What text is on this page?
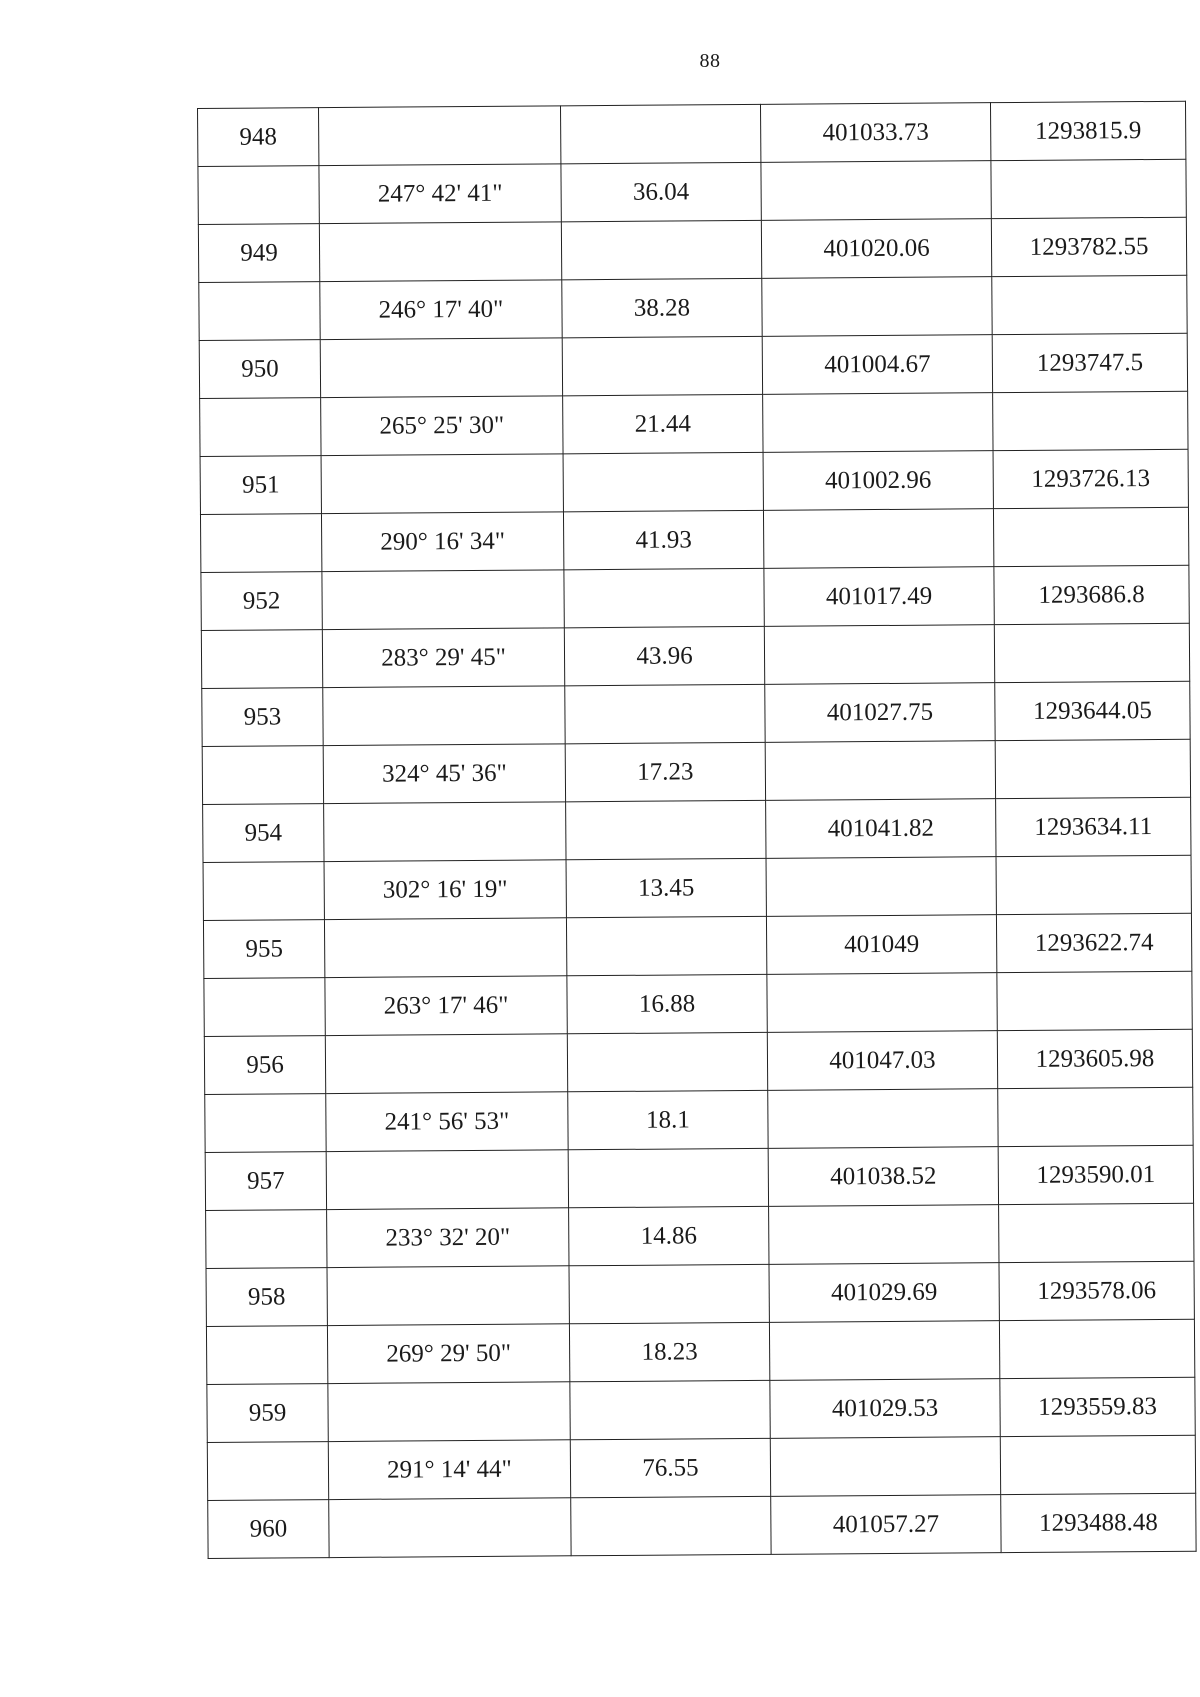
88
948			401033.73	1293815.9
	247° 42' 41"	36.04		
949			401020.06	1293782.55
	246° 17' 40"	38.28		
950			401004.67	1293747.5
	265° 25' 30"	21.44		
951			401002.96	1293726.13
	290° 16' 34"	41.93		
952			401017.49	1293686.8
	283° 29' 45"	43.96		
953			401027.75	1293644.05
	324° 45' 36"	17.23		
954			401041.82	1293634.11
	302° 16' 19"	13.45		
955			401049	1293622.74
	263° 17' 46"	16.88		
956			401047.03	1293605.98
	241° 56' 53"	18.1		
957			401038.52	1293590.01
	233° 32' 20"	14.86		
958			401029.69	1293578.06
	269° 29' 50"	18.23		
959			401029.53	1293559.83
	291° 14' 44"	76.55		
960			401057.27	1293488.48
